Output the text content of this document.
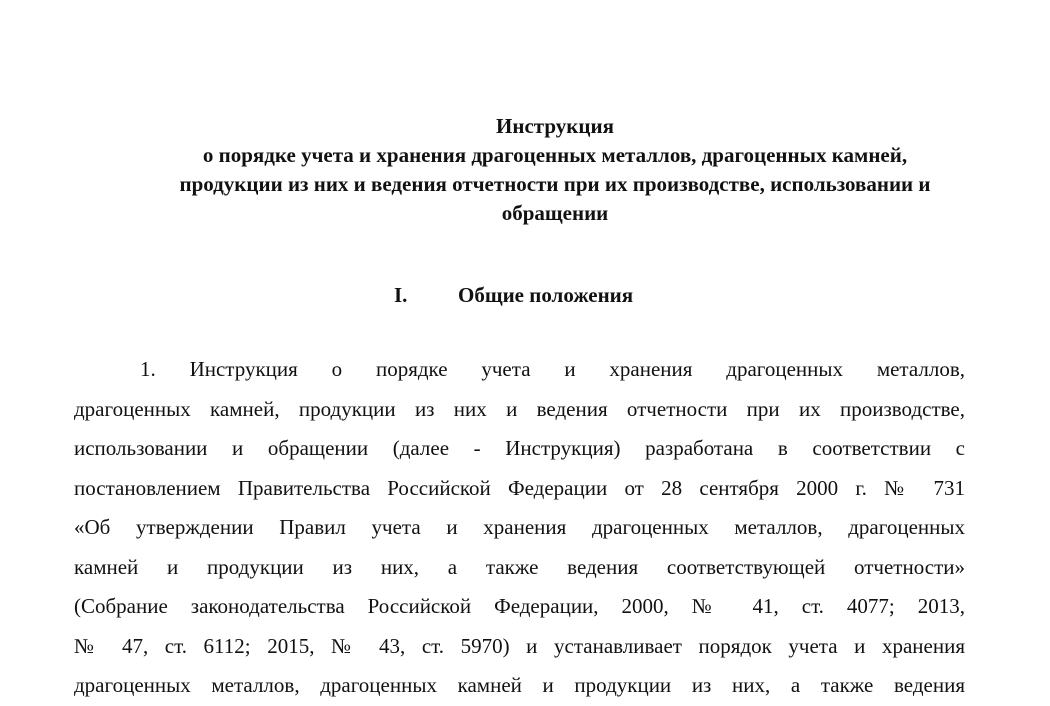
Инструкция
о порядке учета и хранения драгоценных металлов, драгоценных камней,
продукции из них и ведения отчетности при их производстве, использовании и
обращении
I. Общие положения

1. Инструкция о порядке учета и хранения драгоценных металлов,
драгоценных камней, продукции из них и ведения отчетности при их производстве,
использовании и обращении (далее - Инструкция) разработана в соответствии с
постановлением Правительства Российской Федерации от 28 сентября 2000 г. № 731
«Об утверждении Правил учета и хранения драгоценных металлов, драгоценных
камней и продукции из них, а также ведения соответствующей отчетности»
(Собрание законодательства Российской Федерации, 2000, № 41, ст. 4077; 2013,
№ 47, ст. 6112; 2015, № 43, ст. 5970) и устанавливает порядок учета и хранения
драгоценных металлов, драгоценных камней и продукции из них, а также ведения
